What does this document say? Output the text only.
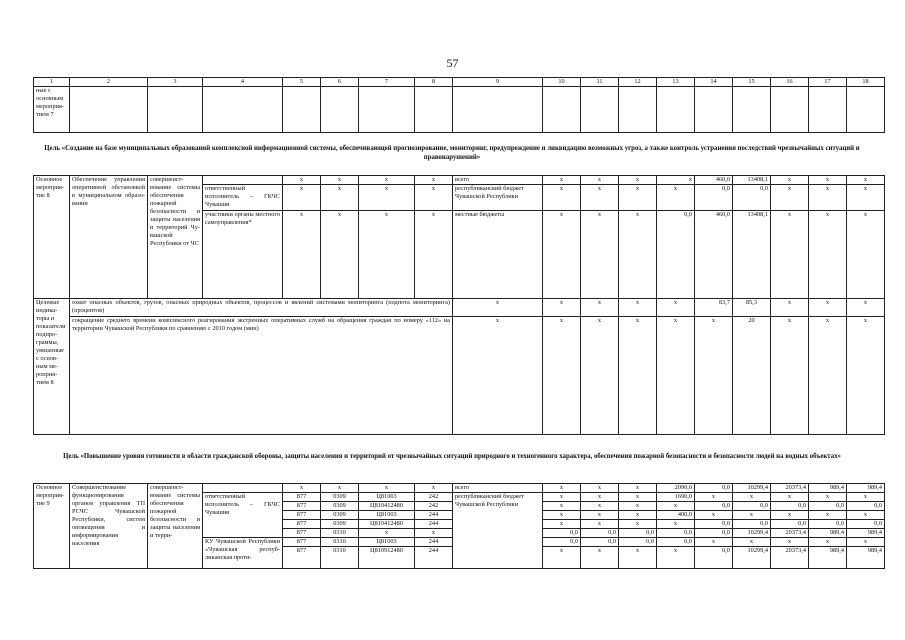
57
1	2	3	4	5	6	7	8	9	10	11	12	13	14	15	16	17	18
ные с основным мероприятием 7																	
Цель «Создание на базе муниципальных образований комплексной информационной системы, обеспечивающей прогнозирование, мониторинг, предупреждение и ликвидацию возможных угроз, а также контроль устранения последствий чрезвычайных ситуаций и правонарушений»
Основное мероприятие 8	Обеспечение управления оперативной обстановкой в муниципальном образовании	совершенствование системы обеспечения пожарной безопасности и защиты населения и территорий Чувашской Республики от ЧС		x	x	x	x	всего	x	x	x	x	460,0	13408,1	x	x	x
			ответственный исполнитель – ГКЧС Чувашии	x	x	x	x	республиканский бюджет Чувашской Республики	x	x	x	x	0,0	0,0	x	x	x
			участники органы местного самоуправления*	x	x	x	x	местные бюджеты	x	x	x	0,0	460,0	13408,1	x	x	x
Целевые индикаторы и показатели подпрограммы, увязанные с основным мероприятием 8	охват опасных объектов, грузов, опасных природных объектов, процессов и явлений системами мониторинга (подпота мониторинга) (процентов)							x	x	x	x	x	83,7	85,3	x	x	x
	сокращение среднего времени комплексного реагирования экстренных оперативных служб на обращения граждан по номеру «112» на территории Чувашской Республики по сравнению с 2010 годом (мин)							x	x	x	x	x	x	20	x	x	x
Цель «Повышение уровня готовности в области гражданской обороны, защиты населения и территорий от чрезвычайных ситуаций природного и техногенного характера, обеспечения пожарной безопасности и безопасности людей на водных объектах»
Основное мероприятие 9	Совершенствование функционирования органов управления ТП РСЧС Чувашской Республики, систем оповещения и информирования населения	совершенствование системы обеспечения пожарной безопасности и защиты населения и терри-		x	x	x	x	всего	x	x	x	2090,0	0,0	10299,4	20373,4	989,4	989,4
			ответственный исполнитель – ГКЧС Чувашии	877	0309	Ц81003	242	республиканский бюджет Чувашской Республики	x	x	x	1690,0	x	x	x	x	x
				877	0309	Ц810412480	242		x	x	x	x	0,0	0,0	0,0	0,0	0,0
				877	0309	Ц81003	244		x	x	x	400,0	x	x	x	x	x
				877	0309	Ц810412480	244		x	x	x	x	0,0	0,0	0,0	0,0	0,0
				877	0310	x	x		0,0	0,0	0,0	0,0	0,0	10299,4	20373,4	989,4	989,4
			КУ Чувашской Республики «Чувашская республиканская проти-	877	0310	Ц81003	244		0,0	0,0	0,0	0,0	x	x	x	x	x
				877	0310	Ц810912480	244		x	x	x	x	0,0	10299,4	20373,4	989,4	989,4
